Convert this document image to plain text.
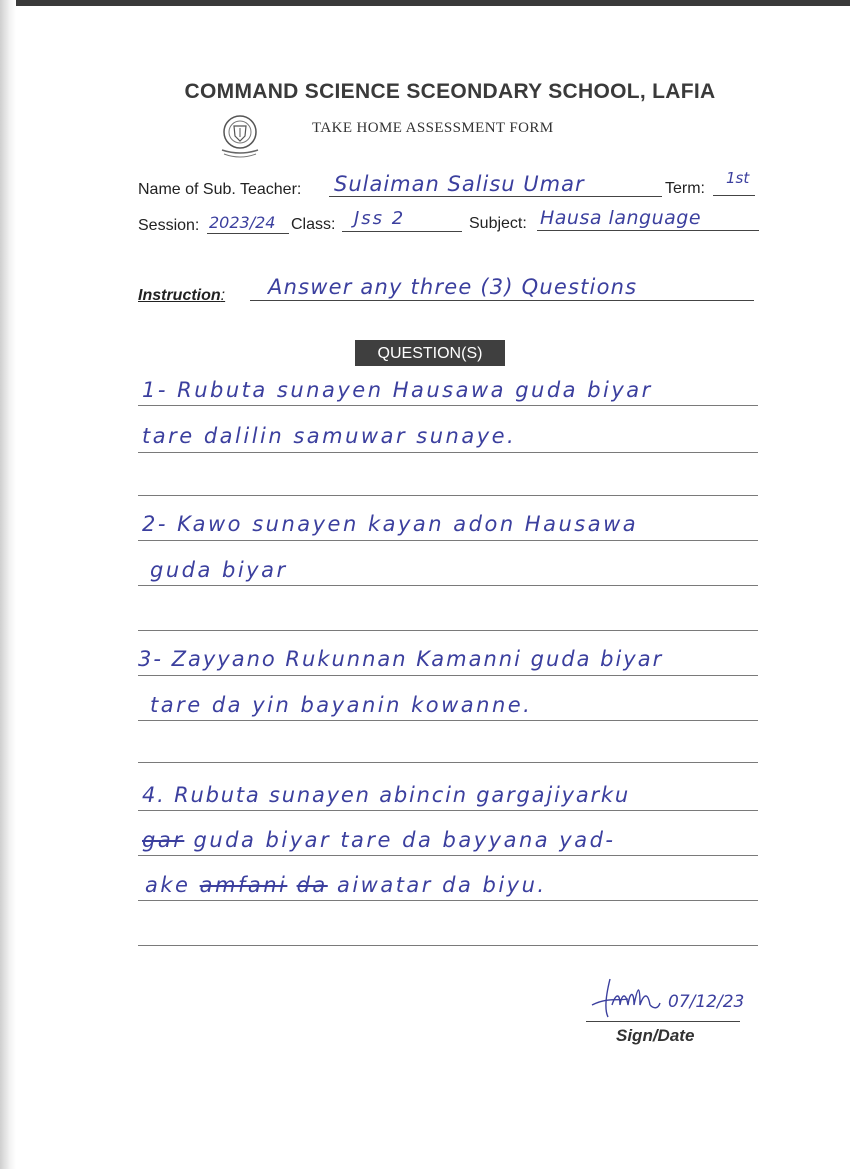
COMMAND SCIENCE SCEONDARY SCHOOL, LAFIA
TAKE HOME ASSESSMENT FORM
Name of Sub. Teacher: Sulaiman Salisu Umar	Term:
1st
Session: 2023/24 Class: Jss 2	Subject: Hausa language
Instruction: Answer any three (3) Questions
QUESTION(S)
1- Rubuta sunayen Hausawa guda biyar
tare dalilin samuwar sunaye.
2- Kawo sunayen kayan adon Hausawa
guda biyar
3- Zayyano Rukunnan Kamanni guda biyar
tare da yin bayanin kowanne.
4. Rubuta sunayen abincin gargajiyarku
gar guda biyar tare da bayyana yad-
ake amfani da aiwatar da biyu.
07/12/23
Sign/Date
